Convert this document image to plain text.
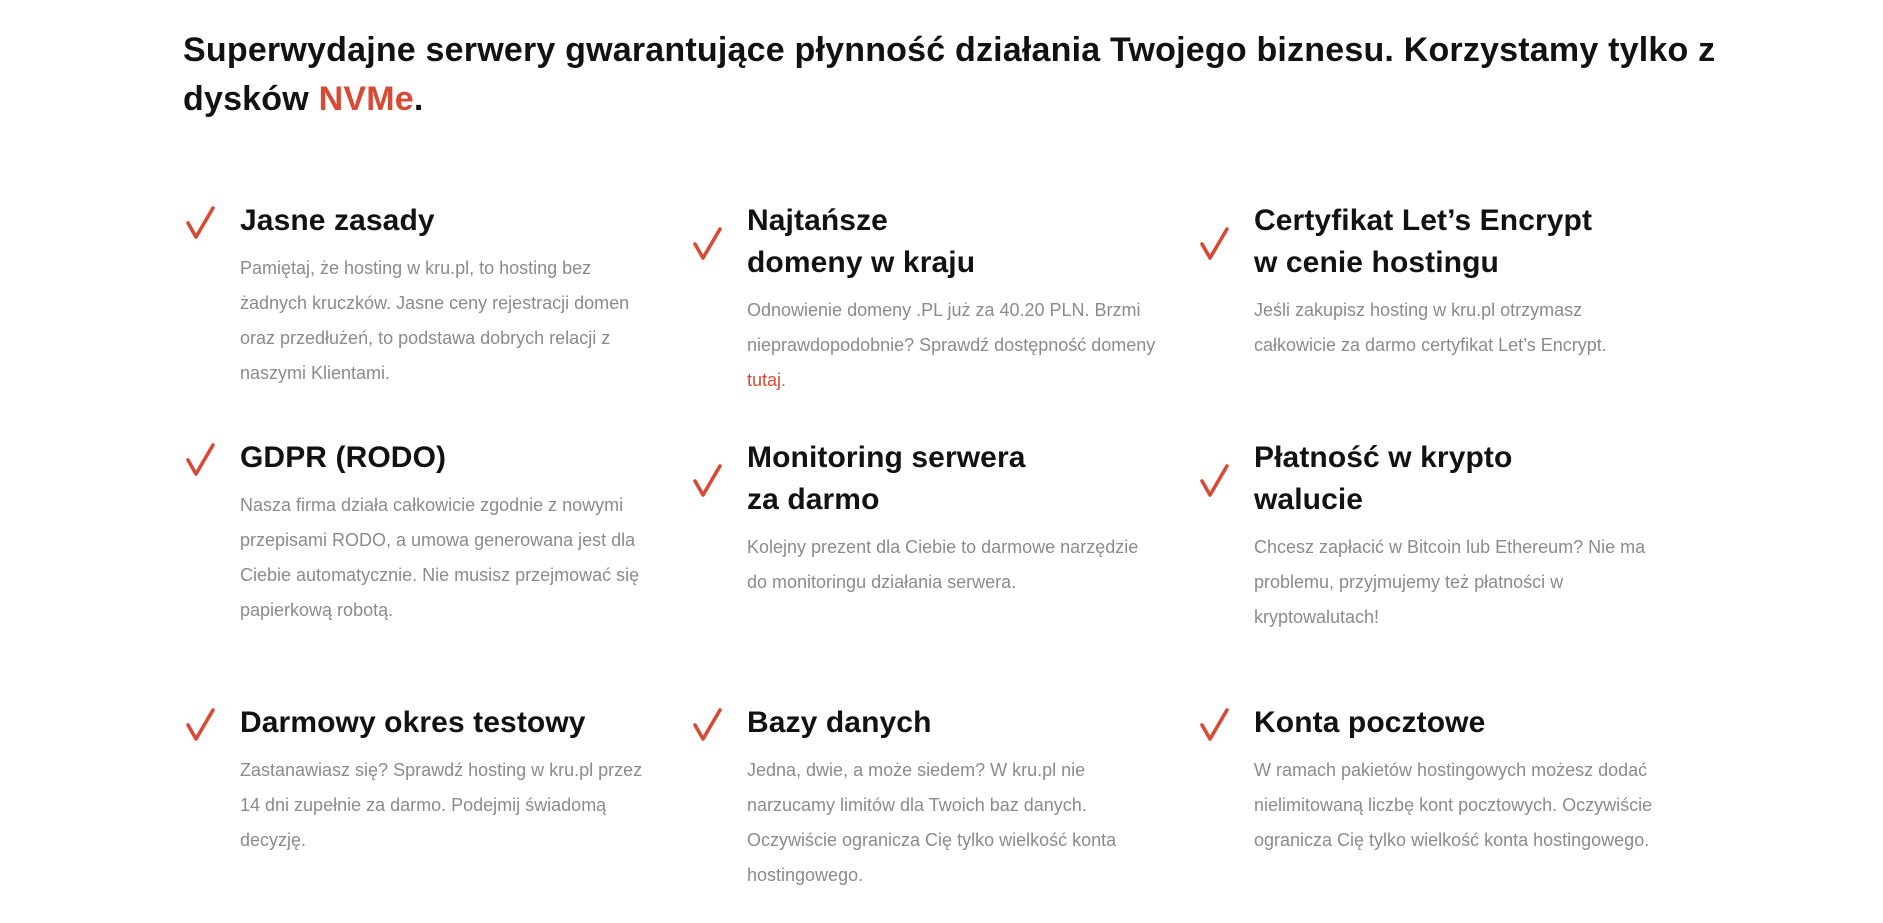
Superwydajne serwery gwarantujące płynność działania Twojego biznesu. Korzystamy tylko z dysków NVMe.
Jasne zasady

Pamiętaj, że hosting w kru.pl, to hosting bez żadnych kruczków. Jasne ceny rejestracji domen oraz przedłużeń, to podstawa dobrych relacji z naszymi Klientami.

Najtańsze
domeny w kraju

Odnowienie domeny .PL już za 40.20 PLN. Brzmi nieprawdopodobnie? Sprawdź dostępność domeny tutaj.

Certyfikat Let’s Encrypt
w cenie hostingu

Jeśli zakupisz hosting w kru.pl otrzymasz całkowicie za darmo certyfikat Let’s Encrypt.

GDPR (RODO)

Nasza firma działa całkowicie zgodnie z nowymi przepisami RODO, a umowa generowana jest dla Ciebie automatycznie. Nie musisz przejmować się papierkową robotą.

Monitoring serwera
za darmo

Kolejny prezent dla Ciebie to darmowe narzędzie do monitoringu działania serwera.

Płatność w krypto
walucie

Chcesz zapłacić w Bitcoin lub Ethereum? Nie ma problemu, przyjmujemy też płatności w kryptowalutach!

Darmowy okres testowy

Zastanawiasz się? Sprawdź hosting w kru.pl przez 14 dni zupełnie za darmo. Podejmij świadomą decyzję.

Bazy danych

Jedna, dwie, a może siedem? W kru.pl nie narzucamy limitów dla Twoich baz danych. Oczywiście ogranicza Cię tylko wielkość konta hostingowego.

Konta pocztowe

W ramach pakietów hostingowych możesz dodać nielimitowaną liczbę kont pocztowych. Oczywiście ogranicza Cię tylko wielkość konta hostingowego.
